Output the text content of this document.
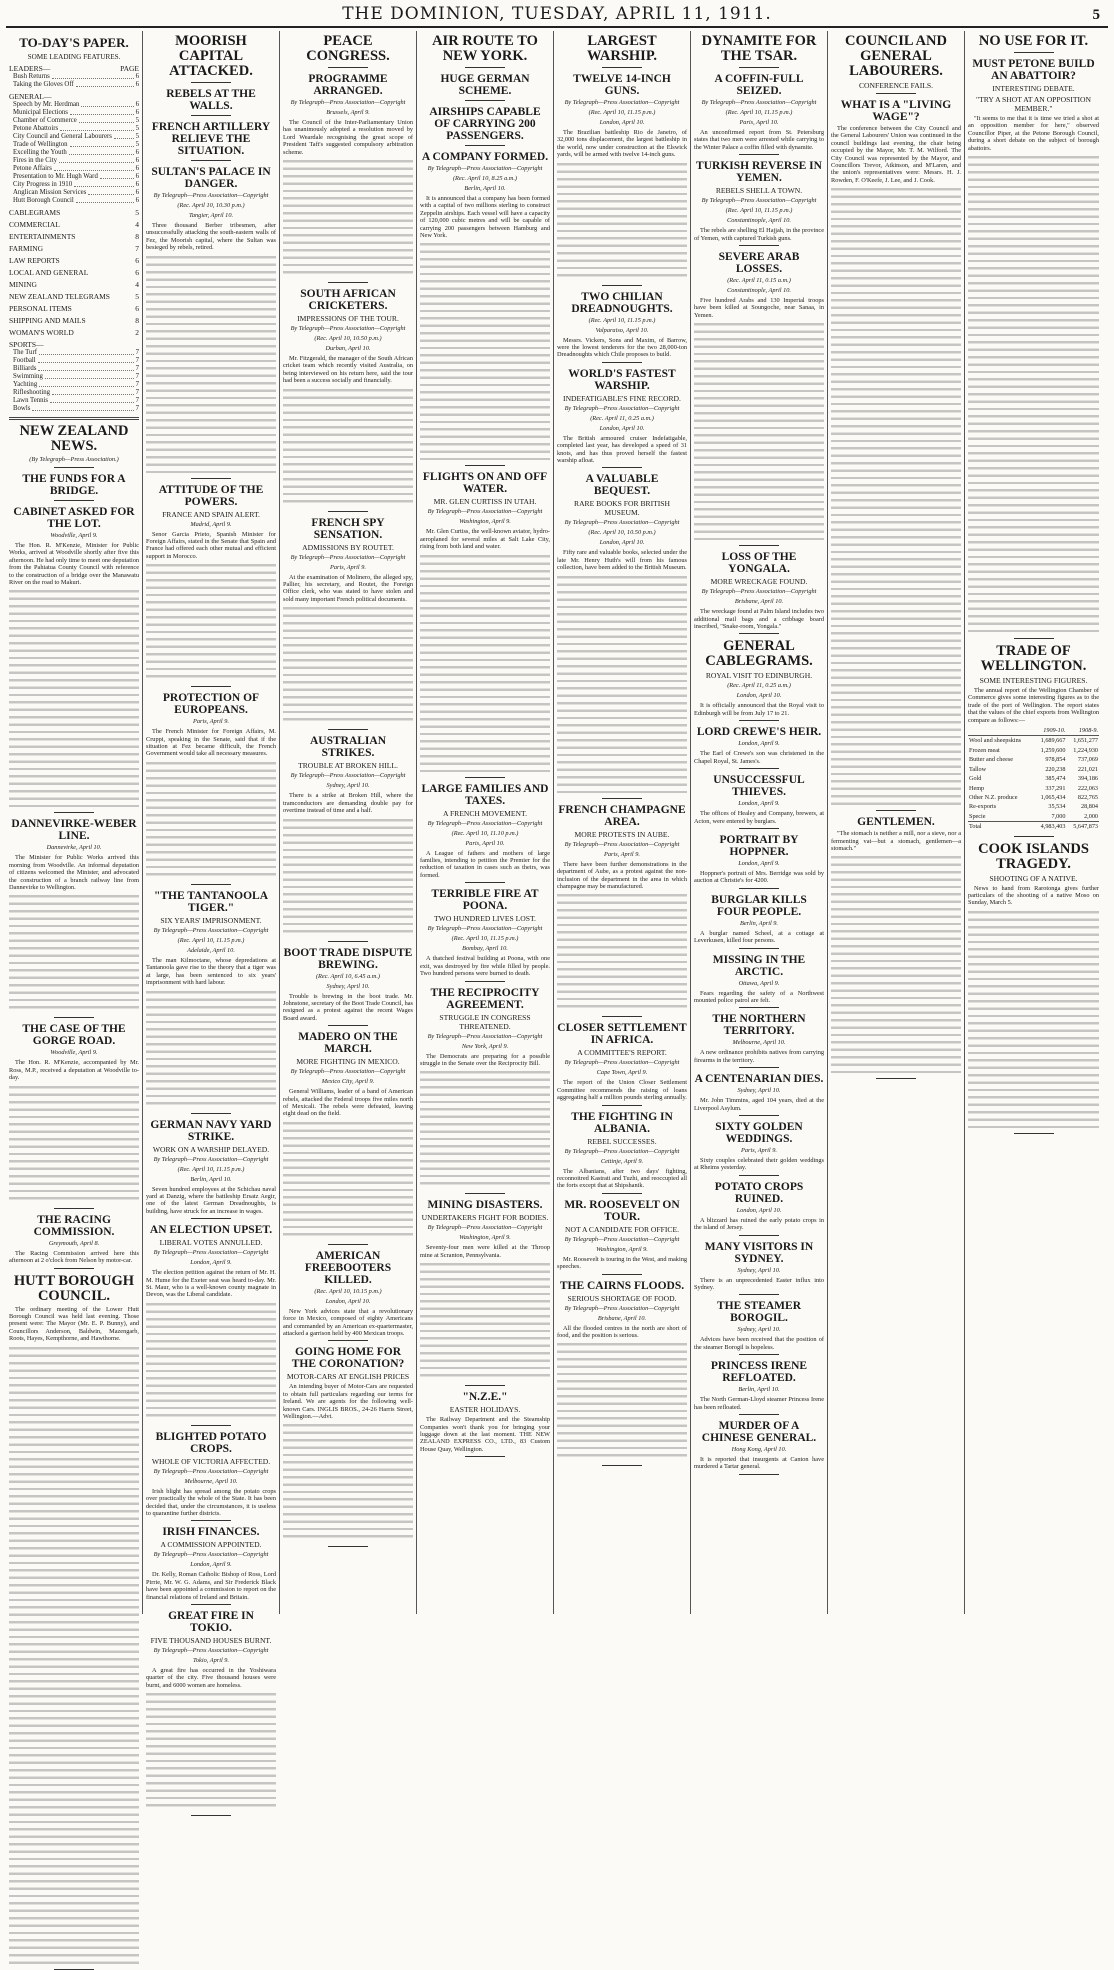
THE DOMINION, TUESDAY, APRIL 11, 1911.	5
TO-DAY'S PAPER.
SOME LEADING FEATURES.
LEADERS—	PAGE
Bush Returns	6
Taking the Gloves Off	6
GENERAL—
Speech by Mr. Herdman	6
Municipal Elections	6
Chamber of Commerce	5
Petone Abattoirs	5
City Council and General Labourers	5
Trade of Wellington	5
Excelling the Youth	6
Fires in the City	6
Petone Affairs	6
Presentation to Mr. Hugh Ward	6
City Progress in 1910	6
Anglican Mission Services	6
Hutt Borough Council	6
CABLEGRAMS	5
COMMERCIAL	4
ENTERTAINMENTS	8
FARMING	7
LAW REPORTS	6
LOCAL AND GENERAL	6
MINING	4
NEW ZEALAND TELEGRAMS	5
PERSONAL ITEMS	6
SHIPPING AND MAILS	8
WOMAN'S WORLD	2
SPORTS—
The Turf	7
Football	7
Billiards	7
Swimming	7
Yachting	7
Rifleshooting	7
Lawn Tennis	7
Bowls	7
NEW ZEALAND NEWS.
(By Telegraph—Press Association.)
THE FUNDS FOR A BRIDGE.
CABINET ASKED FOR THE LOT.
Woodville, April 9.

The Hon. R. M'Kenzie, Minister for Public Works, arrived at Woodville shortly after five this afternoon. He had only time to meet one deputation from the Pahiatua County Council with reference to the construction of a bridge over the Manawatu River on the road to Makuri.

DANNEVIRKE-WEBER LINE.
Dannevirke, April 10.

The Minister for Public Works arrived this morning from Woodville. An informal deputation of citizens welcomed the Minister, and advocated the construction of a branch railway line from Dannevirke to Wellington.

THE CASE OF THE GORGE ROAD.
Woodville, April 9.

The Hon. R. M'Kenzie, accompanied by Mr. Ross, M.P., received a deputation at Woodville to-day.

THE RACING COMMISSION.
Greymouth, April 8.

The Racing Commission arrived here this afternoon at 2 o'clock from Nelson by motor-car.

HUTT BOROUGH COUNCIL.

The ordinary meeting of the Lower Hutt Borough Council was held last evening. Those present were: The Mayor (Mr. E. P. Bunny), and Councillors Anderson, Baldwin, Mazengarb, Roots, Hayes, Kempthorne, and Hawthorne.

MOORISH CAPITAL ATTACKED.
REBELS AT THE WALLS.
FRENCH ARTILLERY RELIEVE THE SITUATION.
SULTAN'S PALACE IN DANGER.
By Telegraph—Press Association—Copyright
(Rec. April 10, 10.30 p.m.)
Tangier, April 10.

Three thousand Berber tribesmen, after unsuccessfully attacking the south-eastern walls of Fez, the Moorish capital, where the Sultan was besieged by rebels, retired.

ATTITUDE OF THE POWERS.
FRANCE AND SPAIN ALERT.
Madrid, April 9.

Senor Garcia Prieto, Spanish Minister for Foreign Affairs, stated in the Senate that Spain and France had offered each other mutual and efficient support in Morocco.

PROTECTION OF EUROPEANS.
Paris, April 9.

The French Minister for Foreign Affairs, M. Cruppi, speaking in the Senate, said that if the situation at Fez became difficult, the French Government would take all necessary measures.

"THE TANTANOOLA TIGER."
SIX YEARS' IMPRISONMENT.
By Telegraph—Press Association—Copyright
(Rec. April 10, 11.15 p.m.)
Adelaide, April 10.

The man Kilmoctane, whose depredations at Tantanoola gave rise to the theory that a tiger was at large, has been sentenced to six years' imprisonment with hard labour.

GERMAN NAVY YARD STRIKE.
WORK ON A WARSHIP DELAYED.
By Telegraph—Press Association—Copyright
(Rec. April 10, 11.15 p.m.)
Berlin, April 10.

Seven hundred employees at the Schichau naval yard at Danzig, where the battleship Ersatz Aegir, one of the latest German Dreadnoughts, is building, have struck for an increase in wages.

AN ELECTION UPSET.
LIBERAL VOTES ANNULLED.
By Telegraph—Press Association—Copyright
London, April 9.

The election petition against the return of Mr. H. M. Hume for the Exeter seat was heard to-day. Mr. St. Maur, who is a well-known county magnate in Devon, was the Liberal candidate.

BLIGHTED POTATO CROPS.
WHOLE OF VICTORIA AFFECTED.
By Telegraph—Press Association—Copyright
Melbourne, April 10.

Irish blight has spread among the potato crops over practically the whole of the State. It has been decided that, under the circumstances, it is useless to quarantine further districts.

IRISH FINANCES.
A COMMISSION APPOINTED.
By Telegraph—Press Association—Copyright
London, April 9.

Dr. Kelly, Roman Catholic Bishop of Ross, Lord Pirrie, Mr. W. G. Adams, and Sir Frederick Black have been appointed a commission to report on the financial relations of Ireland and Britain.

GREAT FIRE IN TOKIO.
FIVE THOUSAND HOUSES BURNT.
By Telegraph—Press Association—Copyright
Tokio, April 9.

A great fire has occurred in the Yoshiwara quarter of the city. Five thousand houses were burnt, and 6000 women are homeless.

PEACE CONGRESS.
PROGRAMME ARRANGED.
By Telegraph—Press Association—Copyright
Brussels, April 9.

The Council of the Inter-Parliamentary Union has unanimously adopted a resolution moved by Lord Weardale recognising the great scope of President Taft's suggested compulsory arbitration scheme.

SOUTH AFRICAN CRICKETERS.
IMPRESSIONS OF THE TOUR.
By Telegraph—Press Association—Copyright
(Rec. April 10, 10.50 p.m.)
Durban, April 10.

Mr. Fitzgerald, the manager of the South African cricket team which recently visited Australia, on being interviewed on his return here, said the tour had been a success socially and financially.

FRENCH SPY SENSATION.
ADMISSIONS BY ROUTET.
By Telegraph—Press Association—Copyright
Paris, April 9.

At the examination of Molinero, the alleged spy, Pallier, his secretary, and Routet, the Foreign Office clerk, who was stated to have stolen and sold many important French political documents.

AUSTRALIAN STRIKES.
TROUBLE AT BROKEN HILL.
By Telegraph—Press Association—Copyright
Sydney, April 10.

There is a strike at Broken Hill, where the tramconductors are demanding double pay for overtime instead of time and a half.

BOOT TRADE DISPUTE BREWING.
(Rec. April 10, 6.45 a.m.)
Sydney, April 10.

Trouble is brewing in the boot trade. Mr. Johnstone, secretary of the Boot Trade Council, has resigned as a protest against the recent Wages Board award.

MADERO ON THE MARCH.
MORE FIGHTING IN MEXICO.
By Telegraph—Press Association—Copyright
Mexico City, April 9.

General Williams, leader of a band of American rebels, attacked the Federal troops five miles north of Mexicali. The rebels were defeated, leaving eight dead on the field.

AMERICAN FREEBOOTERS KILLED.
(Rec. April 10, 10.15 p.m.)
London, April 10.

New York advices state that a revolutionary force in Mexico, composed of eighty Americans and commanded by an American ex-quartermaster, attacked a garrison held by 400 Mexican troops.

GOING HOME FOR THE CORONATION?
MOTOR-CARS AT ENGLISH PRICES

An intending buyer of Motor-Cars are requested to obtain full particulars regarding our terms for Ireland. We are agents for the following well-known Cars. INGLIS BROS., 24-26 Harris Street, Wellington.—Advt.

AIR ROUTE TO NEW YORK.
HUGE GERMAN SCHEME.
AIRSHIPS CAPABLE OF CARRYING 200 PASSENGERS.
A COMPANY FORMED.
By Telegraph—Press Association—Copyright
(Rec. April 10, 8.25 a.m.)
Berlin, April 10.

It is announced that a company has been formed with a capital of two millions sterling to construct Zeppelin airships. Each vessel will have a capacity of 120,000 cubic metres and will be capable of carrying 200 passengers between Hamburg and New York.

FLIGHTS ON AND OFF WATER.
MR. GLEN CURTISS IN UTAH.
By Telegraph—Press Association—Copyright
Washington, April 9.

Mr. Glen Curtiss, the well-known aviator, hydro-aeroplaned for several miles at Salt Lake City, rising from both land and water.

LARGE FAMILIES AND TAXES.
A FRENCH MOVEMENT.
By Telegraph—Press Association—Copyright
(Rec. April 10, 11.10 p.m.)
Paris, April 10.

A League of fathers and mothers of large families, intending to petition the Premier for the reduction of taxation in cases such as theirs, was formed.

TERRIBLE FIRE AT POONA.
TWO HUNDRED LIVES LOST.
By Telegraph—Press Association—Copyright
(Rec. April 10, 11.15 p.m.)
Bombay, April 10.

A thatched festival building at Poona, with one exit, was destroyed by fire while filled by people. Two hundred persons were burned to death.

THE RECIPROCITY AGREEMENT.
STRUGGLE IN CONGRESS THREATENED.
By Telegraph—Press Association—Copyright
New York, April 9.

The Democrats are preparing for a possible struggle in the Senate over the Reciprocity Bill.

MINING DISASTERS.
UNDERTAKERS FIGHT FOR BODIES.
By Telegraph—Press Association—Copyright
Washington, April 9.

Seventy-four men were killed at the Throop mine at Scranton, Pennsylvania.

"N.Z.E."
EASTER HOLIDAYS.

The Railway Department and the Steamship Companies won't thank you for bringing your luggage down at the last moment. THE NEW ZEALAND EXPRESS CO., LTD., 83 Custom House Quay, Wellington.

LARGEST WARSHIP.
TWELVE 14-INCH GUNS.
By Telegraph—Press Association—Copyright
(Rec. April 10, 11.15 p.m.)
London, April 10.

The Brazilian battleship Rio de Janeiro, of 32,000 tons displacement, the largest battleship in the world, now under construction at the Elswick yards, will be armed with twelve 14-inch guns.

TWO CHILIAN DREADNOUGHTS.
(Rec. April 10, 11.15 p.m.)
Valparaiso, April 10.

Messrs. Vickers, Sons and Maxim, of Barrow, were the lowest tenderers for the two 28,000-ton Dreadnoughts which Chile proposes to build.

WORLD'S FASTEST WARSHIP.
INDEFATIGABLE'S FINE RECORD.
By Telegraph—Press Association—Copyright
(Rec. April 11, 0.25 a.m.)
London, April 10.

The British armoured cruiser Indefatigable, completed last year, has developed a speed of 31 knots, and has thus proved herself the fastest warship afloat.

A VALUABLE BEQUEST.
RARE BOOKS FOR BRITISH MUSEUM.
By Telegraph—Press Association—Copyright
(Rec. April 10, 10.50 p.m.)
London, April 10.

Fifty rare and valuable books, selected under the late Mr. Henry Huth's will from his famous collection, have been added to the British Museum.

FRENCH CHAMPAGNE AREA.
MORE PROTESTS IN AUBE.
By Telegraph—Press Association—Copyright
Paris, April 9.

There have been further demonstrations in the department of Aube, as a protest against the non-inclusion of the department in the area in which champagne may be manufactured.

CLOSER SETTLEMENT IN AFRICA.
A COMMITTEE'S REPORT.
By Telegraph—Press Association—Copyright
Cape Town, April 9.

The report of the Union Closer Settlement Committee recommends the raising of loans aggregating half a million pounds sterling annually.

THE FIGHTING IN ALBANIA.
REBEL SUCCESSES.
By Telegraph—Press Association—Copyright
Cettinje, April 9.

The Albanians, after two days' fighting, reconnoitred Kastrati and Tuzhi, and reoccupied all the forts except that at Shipshanik.

MR. ROOSEVELT ON TOUR.
NOT A CANDIDATE FOR OFFICE.
By Telegraph—Press Association—Copyright
Washington, April 9.

Mr. Roosevelt is touring in the West, and making speeches.

THE CAIRNS FLOODS.
SERIOUS SHORTAGE OF FOOD.
By Telegraph—Press Association—Copyright
Brisbane, April 10.

All the flooded centres in the north are short of food, and the position is serious.

DYNAMITE FOR THE TSAR.
A COFFIN-FULL SEIZED.
By Telegraph—Press Association—Copyright
(Rec. April 10, 11.15 p.m.)
Paris, April 10.

An unconfirmed report from St. Petersburg states that two men were arrested while carrying to the Winter Palace a coffin filled with dynamite.

TURKISH REVERSE IN YEMEN.
REBELS SHELL A TOWN.
By Telegraph—Press Association—Copyright
(Rec. April 10, 11.15 p.m.)
Constantinople, April 10.

The rebels are shelling El Hajjah, in the province of Yemen, with captured Turkish guns.

SEVERE ARAB LOSSES.
(Rec. April 11, 0.15 a.m.)
Constantinople, April 10.

Five hundred Arabs and 130 Imperial troops have been killed at Soungoche, near Sanaa, in Yemen.

LOSS OF THE YONGALA.
MORE WRECKAGE FOUND.
By Telegraph—Press Association—Copyright
Brisbane, April 10.

The wreckage found at Palm Island includes two additional mail bags and a cribbage board inscribed, "Snake-room, Yongala."

GENERAL CABLEGRAMS.
ROYAL VISIT TO EDINBURGH.
(Rec. April 11, 0.25 a.m.)
London, April 10.

It is officially announced that the Royal visit to Edinburgh will be from July 17 to 21.

LORD CREWE'S HEIR.
London, April 9.

The Earl of Crewe's son was christened in the Chapel Royal, St. James's.

UNSUCCESSFUL THIEVES.
London, April 9.

The offices of Healey and Company, brewers, at Acton, were entered by burglars.

PORTRAIT BY HOPPNER.
London, April 9.

Hoppner's portrait of Mrs. Berridge was sold by auction at Christie's for 4200.

BURGLAR KILLS FOUR PEOPLE.
Berlin, April 9.

A burglar named Scheel, at a cottage at Leverkusen, killed four persons.

MISSING IN THE ARCTIC.
Ottawa, April 9.

Fears regarding the safety of a Northwest mounted police patrol are felt.

THE NORTHERN TERRITORY.
Melbourne, April 10.

A new ordinance prohibits natives from carrying firearms in the territory.

A CENTENARIAN DIES.
Sydney, April 10.

Mr. John Timmins, aged 104 years, died at the Liverpool Asylum.

SIXTY GOLDEN WEDDINGS.
Paris, April 9.

Sixty couples celebrated their golden weddings at Rheims yesterday.

POTATO CROPS RUINED.
London, April 10.

A blizzard has ruined the early potato crops in the island of Jersey.

MANY VISITORS IN SYDNEY.
Sydney, April 10.

There is an unprecedented Easter influx into Sydney.

THE STEAMER BOROGIL.
Sydney, April 10.

Advices have been received that the position of the steamer Borogil is hopeless.

PRINCESS IRENE REFLOATED.
Berlin, April 10.

The North German-Lloyd steamer Princess Irene has been refloated.

MURDER OF A CHINESE GENERAL.
Hong Kong, April 10.

It is reported that insurgents at Canton have murdered a Tartar general.

COUNCIL AND GENERAL LABOURERS.
CONFERENCE FAILS.
WHAT IS A "LIVING WAGE"?

The conference between the City Council and the General Labourers' Union was continued in the council buildings last evening, the chair being occupied by the Mayor, Mr. T. M. Wilford. The City Council was represented by the Mayor, and Councillors Trevor, Atkinson, and M'Laren, and the union's representatives were: Messrs. H. J. Rowden, F. O'Keefe, J. Lee, and J. Cook.

GENTLEMEN.

"The stomach is neither a mill, nor a sieve, nor a fermenting vat—but a stomach, gentlemen—a stomach."

NO USE FOR IT.
MUST PETONE BUILD AN ABATTOIR?
INTERESTING DEBATE.
"TRY A SHOT AT AN OPPOSITION MEMBER."

"It seems to me that it is time we tried a shot at an opposition member for here," observed Councillor Piper, at the Petone Borough Council, during a short debate on the subject of borough abattoirs.

TRADE OF WELLINGTON.
SOME INTERESTING FIGURES.

The annual report of the Wellington Chamber of Commerce gives some interesting figures as to the trade of the port of Wellington. The report states that the values of the chief exports from Wellington compare as follows:—

	1909-10.	1908-9.
Wool and sheepskins	1,689,667	1,651,277
Frozen meat	1,259,600	1,224,930
Butter and cheese	978,854	737,069
Tallow	220,238	221,021
Gold	385,474	394,186
Hemp	337,291	222,063
Other N.Z. produce	1,065,434	822,765
Re-exports	35,534	28,804
Specie	7,000	2,000
Total	4,983,403	5,647,873
COOK ISLANDS TRAGEDY.
SHOOTING OF A NATIVE.

News to hand from Rarotonga gives further particulars of the shooting of a native Moso on Sunday, March 5.
